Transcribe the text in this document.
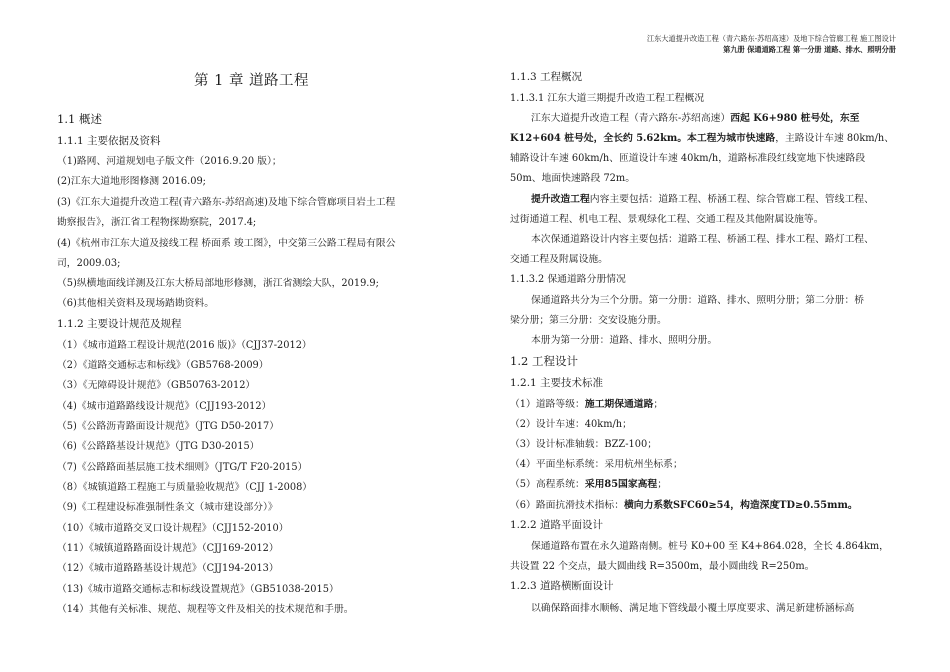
江东大道提升改造工程（青六路东-苏绍高速）及地下综合管廊工程 施工图设计
第九册 保通道路工程 第一分册 道路、排水、照明分册
第 1 章 道路工程
1.1 概述
1.1.1 主要依据及资料
（1)路网、河道规划电子版文件（2016.9.20 版）；
(2)江东大道地形图修测 2016.09;
(3)《江东大道提升改造工程(青六路东-苏绍高速)及地下综合管廊项目岩土工程
勘察报告》，浙江省工程物探勘察院，2017.4;
(4)《杭州市江东大道及接线工程 桥面系 竣工图》，中交第三公路工程局有限公
司，2009.03;
（5)纵横地面线详测及江东大桥局部地形修测，浙江省测绘大队，2019.9;
（6)其他相关资料及现场踏勘资料。
1.1.2 主要设计规范及规程
（1）《城市道路工程设计规范(2016 版)》（CJJ37-2012）
（2）《道路交通标志和标线》（GB5768-2009）
（3）《无障碍设计规范》（GB50763-2012）
（4)《城市道路路线设计规范》（CJJ193-2012）
（5)《公路沥青路面设计规范》（JTG D50-2017）
（6)《公路路基设计规范》（JTG D30-2015）
（7)《公路路面基层施工技术细则》（JTG/T F20-2015）
（8）《城镇道路工程施工与质量验收规范》（CJJ 1-2008）
（9)《工程建设标准强制性条文（城市建设部分）》
（10）《城市道路交叉口设计规程》（CJJ152-2010）
（11）《城镇道路路面设计规范》（CJJ169-2012）
（12）《城市道路路基设计规范》（CJJ194-2013）
（13)《城市道路交通标志和标线设置规范》（GB51038-2015）
（14）其他有关标准、规范、规程等文件及相关的技术规范和手册。
1.1.3 工程概况
1.1.3.1 江东大道三期提升改造工程工程概况
江东大道提升改造工程（青六路东-苏绍高速）西起 K6+980 桩号处，东至
K12+604 桩号处，全长约 5.62km。本工程为城市快速路，主路设计车速 80km/h、
辅路设计车速 60km/h、匝道设计车速 40km/h，道路标准段红线宽地下快速路段
50m、地面快速路段 72m。
提升改造工程内容主要包括：道路工程、桥涵工程、综合管廊工程、管线工程、
过街通道工程、机电工程、景观绿化工程、交通工程及其他附属设施等。
本次保通道路设计内容主要包括：道路工程、桥涵工程、排水工程、路灯工程、
交通工程及附属设施。
1.1.3.2 保通道路分册情况
保通道路共分为三个分册。第一分册：道路、排水、照明分册；第二分册：桥
梁分册；第三分册：交安设施分册。
本册为第一分册：道路、排水、照明分册。
1.2 工程设计
1.2.1 主要技术标准
（1）道路等级：施工期保通道路；
（2）设计车速：40km/h；
（3）设计标准轴载：BZZ-100；
（4）平面坐标系统：采用杭州坐标系；
（5）高程系统：采用85国家高程；
（6）路面抗滑技术指标：横向力系数SFC60≥54，构造深度TD≥0.55mm。
1.2.2 道路平面设计
保通道路布置在永久道路南侧。桩号 K0+00 至 K4+864.028，全长 4.864km，
共设置 22 个交点，最大圆曲线 R=3500m，最小圆曲线 R=250m。
1.2.3 道路横断面设计
以确保路面排水顺畅、满足地下管线最小覆土厚度要求、满足新建桥涵标高
